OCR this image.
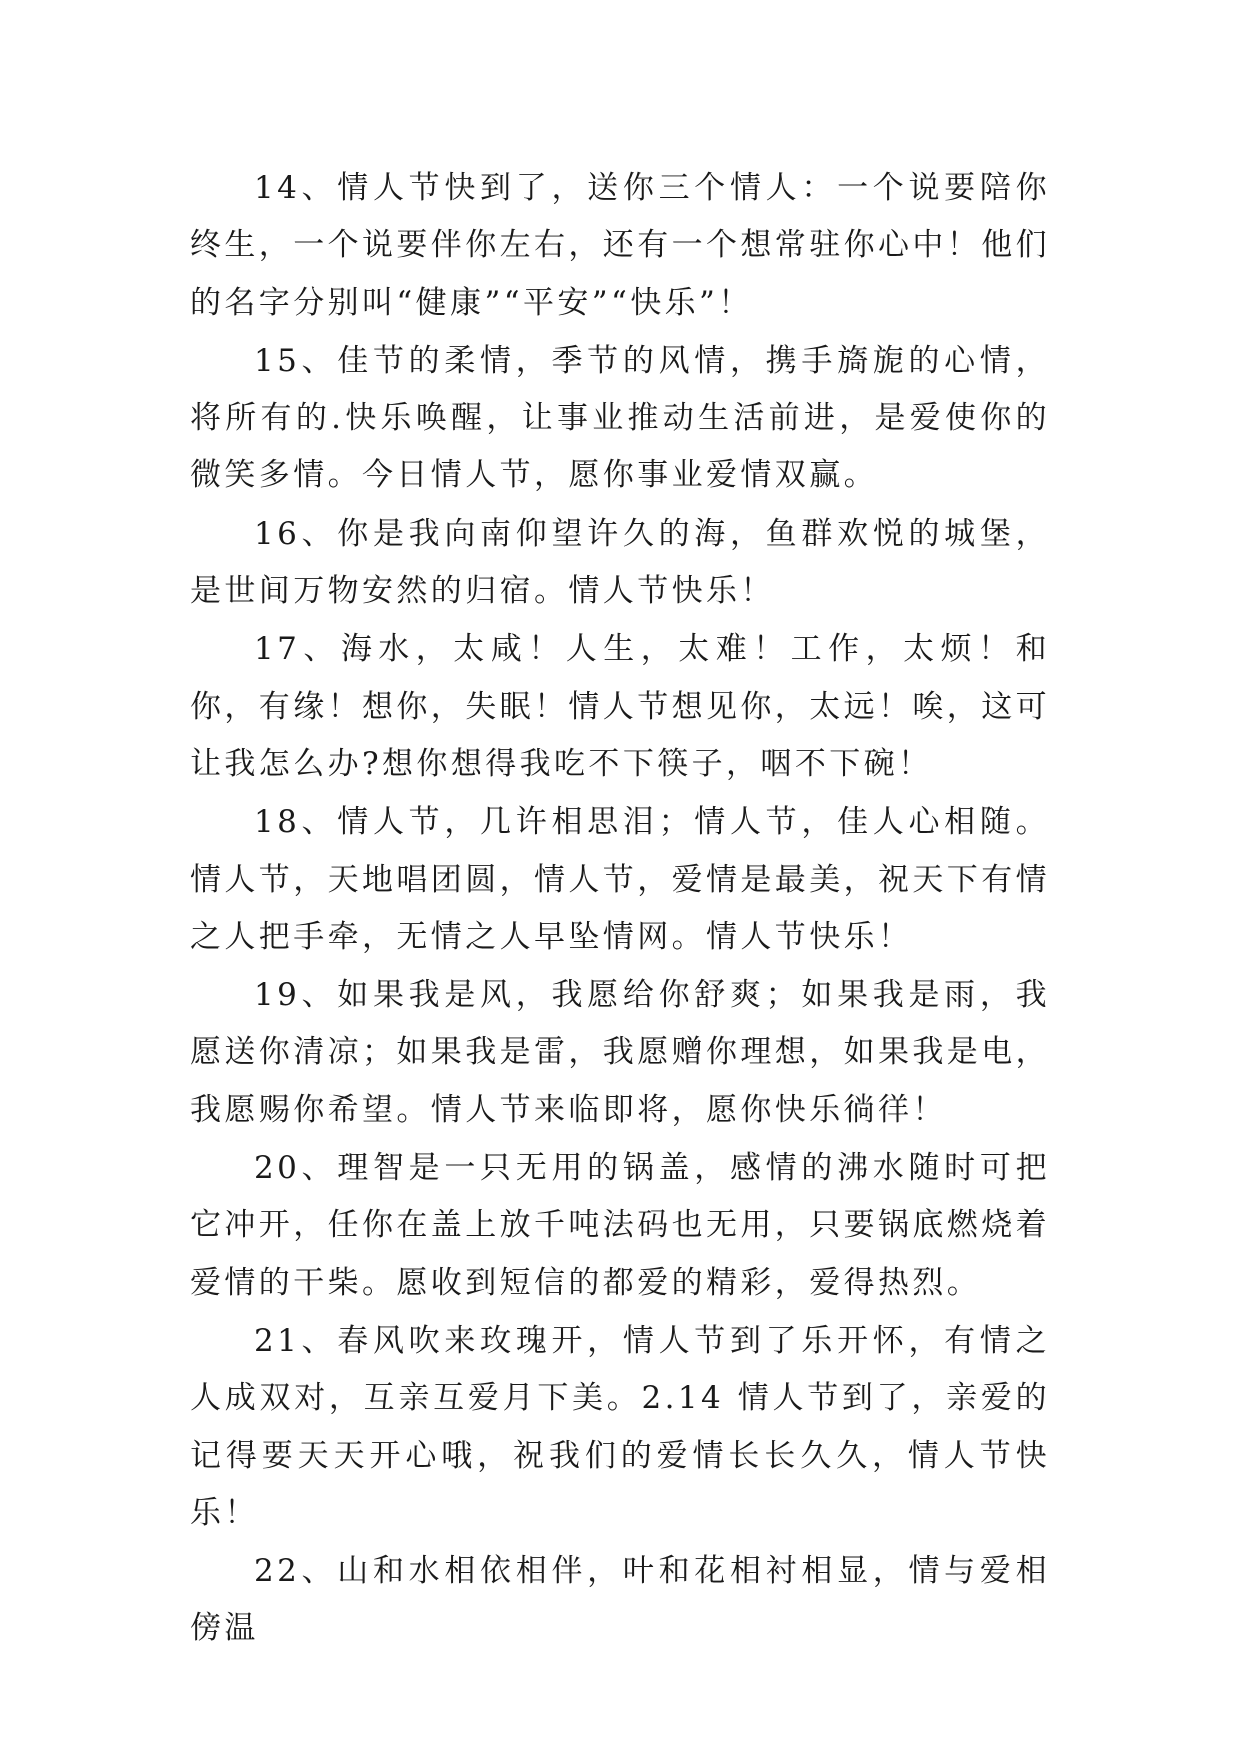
14、情人节快到了，送你三个情人：一个说要陪你终生，一个说要伴你左右，还有一个想常驻你心中！他们的名字分别叫“健康”“平安”“快乐”！

15、佳节的柔情，季节的风情，携手旖旎的心情，将所有的.快乐唤醒，让事业推动生活前进，是爱使你的微笑多情。今日情人节，愿你事业爱情双赢。

16、你是我向南仰望许久的海，鱼群欢悦的城堡，是世间万物安然的归宿。情人节快乐！

17、海水，太咸！人生，太难！工作，太烦！和你，有缘！想你，失眠！情人节想见你，太远！唉，这可让我怎么办?想你想得我吃不下筷子，咽不下碗！

18、情人节，几许相思泪；情人节，佳人心相随。情人节，天地唱团圆，情人节，爱情是最美，祝天下有情之人把手牵，无情之人早坠情网。情人节快乐！

19、如果我是风，我愿给你舒爽；如果我是雨，我愿送你清凉；如果我是雷，我愿赠你理想，如果我是电，我愿赐你希望。情人节来临即将，愿你快乐徜徉！

20、理智是一只无用的锅盖，感情的沸水随时可把它冲开，任你在盖上放千吨法码也无用，只要锅底燃烧着爱情的干柴。愿收到短信的都爱的精彩，爱得热烈。

21、春风吹来玫瑰开，情人节到了乐开怀，有情之人成双对，互亲互爱月下美。2.14 情人节到了，亲爱的记得要天天开心哦，祝我们的爱情长长久久，情人节快乐！

22、山和水相依相伴，叶和花相衬相显，情与爱相傍温
